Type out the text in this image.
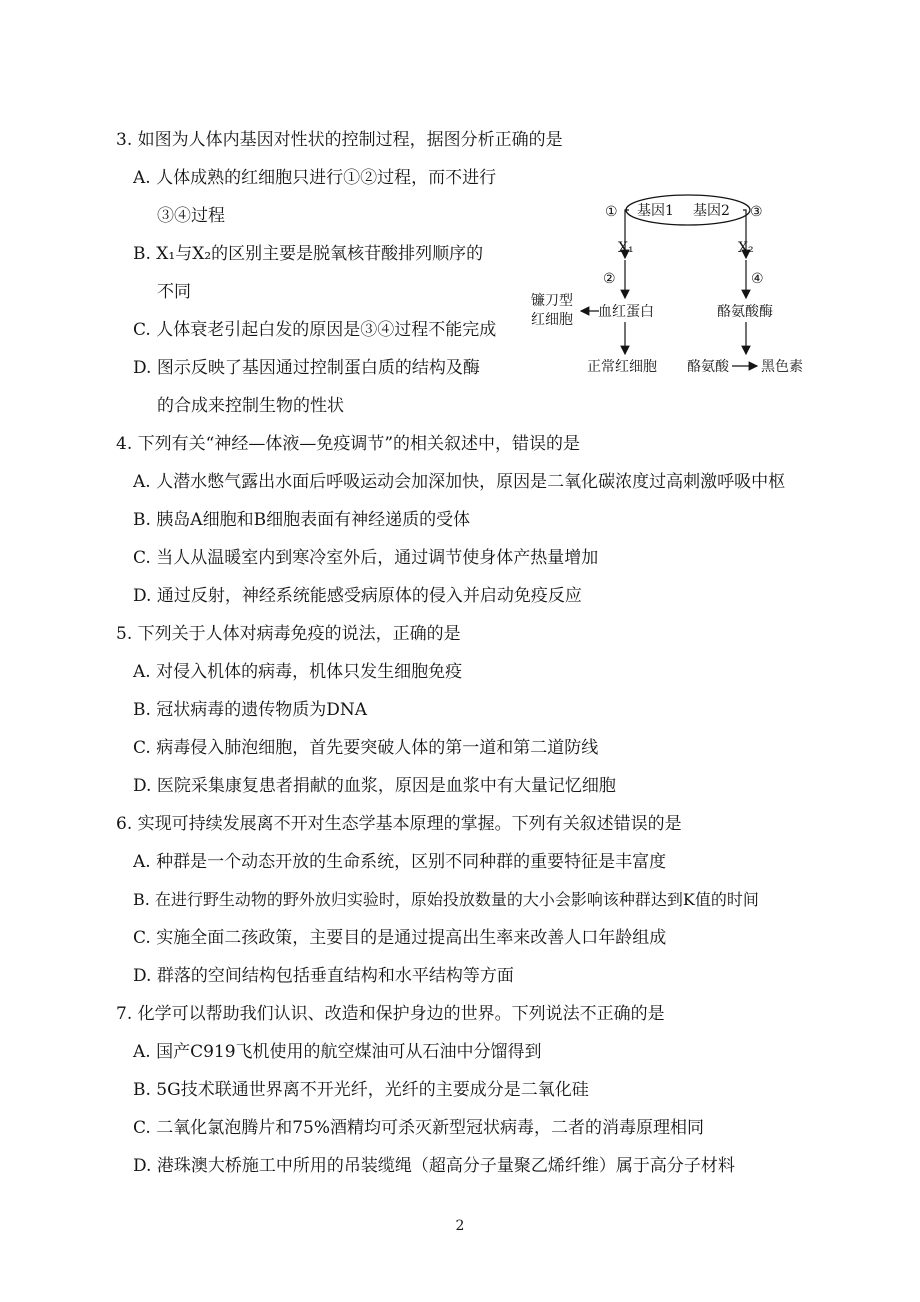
3. 如图为人体内基因对性状的控制过程，据图分析正确的是
A. 人体成熟的红细胞只进行①②过程，而不进行
③④过程
B. X₁与X₂的区别主要是脱氧核苷酸排列顺序的
不同
C. 人体衰老引起白发的原因是③④过程不能完成
D. 图示反映了基因通过控制蛋白质的结构及酶
的合成来控制生物的性状
基因1 基因2
①	③
X₁	X₂
②	④
镰刀型
红细胞 血红蛋白	酪氨酸酶
正常红细胞 酪氨酸 黑色素
4. 下列有关“神经—体液—免疫调节”的相关叙述中，错误的是
A. 人潜水憋气露出水面后呼吸运动会加深加快，原因是二氧化碳浓度过高刺激呼吸中枢
B. 胰岛A细胞和B细胞表面有神经递质的受体
C. 当人从温暖室内到寒冷室外后，通过调节使身体产热量增加
D. 通过反射，神经系统能感受病原体的侵入并启动免疫反应
5. 下列关于人体对病毒免疫的说法，正确的是
A. 对侵入机体的病毒，机体只发生细胞免疫
B. 冠状病毒的遗传物质为DNA
C. 病毒侵入肺泡细胞，首先要突破人体的第一道和第二道防线
D. 医院采集康复患者捐献的血浆，原因是血浆中有大量记忆细胞
6. 实现可持续发展离不开对生态学基本原理的掌握。下列有关叙述错误的是
A. 种群是一个动态开放的生命系统，区别不同种群的重要特征是丰富度
B. 在进行野生动物的野外放归实验时，原始投放数量的大小会影响该种群达到K值的时间
C. 实施全面二孩政策，主要目的是通过提高出生率来改善人口年龄组成
D. 群落的空间结构包括垂直结构和水平结构等方面
7. 化学可以帮助我们认识、改造和保护身边的世界。下列说法不正确的是
A. 国产C919飞机使用的航空煤油可从石油中分馏得到
B. 5G技术联通世界离不开光纤，光纤的主要成分是二氧化硅
C. 二氧化氯泡腾片和75%酒精均可杀灭新型冠状病毒，二者的消毒原理相同
D. 港珠澳大桥施工中所用的吊装缆绳（超高分子量聚乙烯纤维）属于高分子材料
2
